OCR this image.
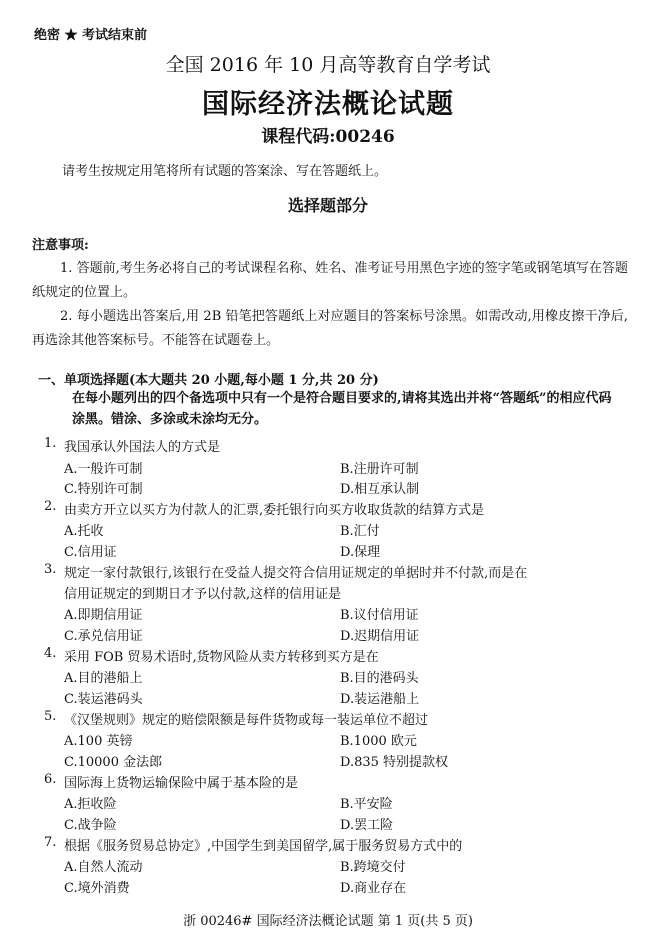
绝密 ★ 考试结束前
全国 2016 年 10 月高等教育自学考试
国际经济法概论试题
课程代码:00246
请考生按规定用笔将所有试题的答案涂、写在答题纸上。
选择题部分
注意事项:
1. 答题前,考生务必将自己的考试课程名称、姓名、准考证号用黑色字迹的签字笔或钢笔填写在答题纸规定的位置上。
2. 每小题选出答案后,用 2B 铅笔把答题纸上对应题目的答案标号涂黑。如需改动,用橡皮擦干净后,再选涂其他答案标号。不能答在试题卷上。
一、单项选择题(本大题共 20 小题,每小题 1 分,共 20 分)
在每小题列出的四个备选项中只有一个是符合题目要求的,请将其选出并将“答题纸”的相应代码涂黑。错涂、多涂或未涂均无分。
1. 我国承认外国法人的方式是
A.一般许可制	B.注册许可制
C.特别许可制	D.相互承认制
2. 由卖方开立以买方为付款人的汇票,委托银行向买方收取货款的结算方式是
A.托收	B.汇付
C.信用证	D.保理
3. 规定一家付款银行,该银行在受益人提交符合信用证规定的单据时并不付款,而是在
信用证规定的到期日才予以付款,这样的信用证是
A.即期信用证	B.议付信用证
C.承兑信用证	D.迟期信用证
4. 采用 FOB 贸易术语时,货物风险从卖方转移到买方是在
A.目的港船上	B.目的港码头
C.装运港码头	D.装运港船上
5. 《汉堡规则》规定的赔偿限额是每件货物或每一装运单位不超过
A.100 英镑	B.1000 欧元
C.10000 金法郎	D.835 特别提款权
6. 国际海上货物运输保险中属于基本险的是
A.拒收险	B.平安险
C.战争险	D.罢工险
7. 根据《服务贸易总协定》,中国学生到美国留学,属于服务贸易方式中的
A.自然人流动	B.跨境交付
C.境外消费	D.商业存在
浙 00246# 国际经济法概论试题 第 1 页(共 5 页)
